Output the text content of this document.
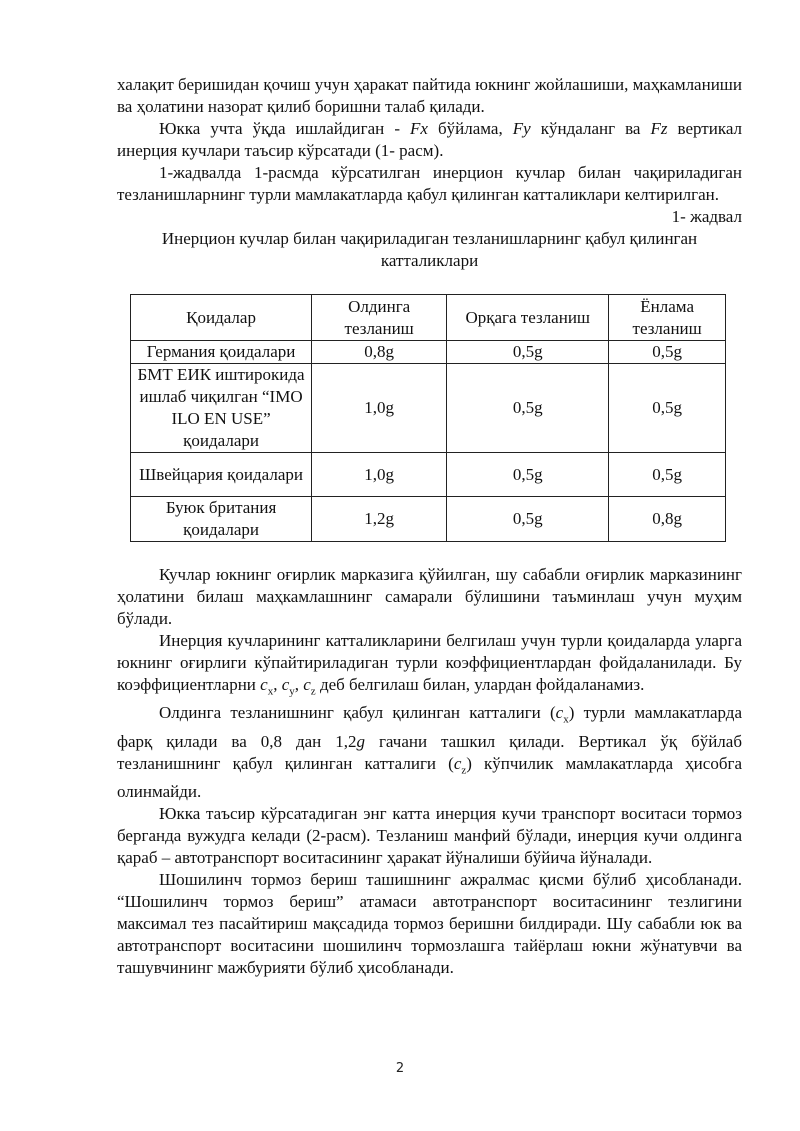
халақит беришидан қочиш учун ҳаракат пайтида юкнинг жойлашиши, маҳкамланиши ва ҳолатини назорат қилиб боришни талаб қилади.

Юкка учта ўқда ишлайдиган - Fx бўйлама, Fy кўндаланг ва Fz вертикал инерция кучлари таъсир кўрсатади (1- расм).

1-жадвалда 1-расмда кўрсатилган инерцион кучлар билан чақириладиган тезланишларнинг турли мамлакатларда қабул қилинган катталиклари келтирилган.

1- жадвал

Инерцион кучлар билан чақириладиган тезланишларнинг қабул қилинган катталиклари

Қоидалар	Олдинга тезланиш	Орқага тезланиш	Ёнлама тезланиш
Германия қоидалари	0,8g	0,5g	0,5g
БМТ ЕИК иштирокида ишлаб чиқилган “IMO ILO EN USE” қоидалари	1,0g	0,5g	0,5g
Швейцария қоидалари	1,0g	0,5g	0,5g
Буюк британия қоидалари	1,2g	0,5g	0,8g

Кучлар юкнинг оғирлик марказига қўйилган, шу сабабли оғирлик марказининг ҳолатини билаш маҳкамлашнинг самарали бўлишини таъминлаш учун муҳим бўлади.

Инерция кучларининг катталикларини белгилаш учун турли қоидаларда уларга юкнинг оғирлиги кўпайтириладиган турли коэффициентлардан фойдаланилади. Бу коэффициентларни $c_x$, $c_y$, $c_z$ деб белгилаш билан, улардан фойдаланамиз.

Олдинга тезланишнинг қабул қилинган катталиги $(c_x)$ турли мамлакатларда фарқ қилади ва 0,8 дан 1,2g гачани ташкил қилади. Вертикал ўқ бўйлаб тезланишнинг қабул қилинган катталиги $(c_z)$ кўпчилик мамлакатларда ҳисобга олинмайди.

Юкка таъсир кўрсатадиган энг катта инерция кучи транспорт воситаси тормоз берганда вужудга келади (2-расм). Тезланиш манфий бўлади, инерция кучи олдинга қараб – автотранспорт воситасининг ҳаракат йўналиши бўйича йўналади.

Шошилинч тормоз бериш ташишнинг ажралмас қисми бўлиб ҳисобланади. “Шошилинч тормоз бериш” атамаси автотранспорт воситасининг тезлигини максимал тез пасайтириш мақсадида тормоз беришни билдиради. Шу сабабли юк ва автотранспорт воситасини шошилинч тормозлашга тайёрлаш юкни жўнатувчи ва ташувчининг мажбурияти бўлиб ҳисобланади.

2
